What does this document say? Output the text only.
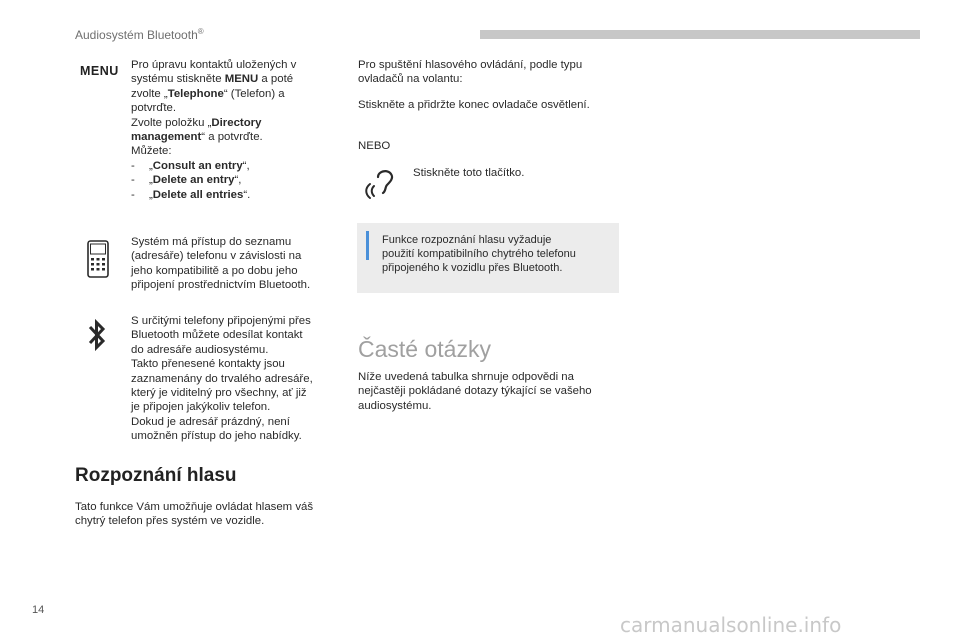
Audiosystém Bluetooth®
MENU Pro úpravu kontaktů uložených v
systému stiskněte MENU a poté
zvolte „Telephone“ (Telefon) a
potvrďte.
Zvolte položku „Directory
management“ a potvrďte.
Můžete:
- „Consult an entry“,
- „Delete an entry“,
- „Delete all entries“.
Systém má přístup do seznamu
(adresáře) telefonu v závislosti na
jeho kompatibilitě a po dobu jeho
připojení prostřednictvím Bluetooth.
S určitými telefony připojenými přes
Bluetooth můžete odesílat kontakt
do adresáře audiosystému.
Takto přenesené kontakty jsou
zaznamenány do trvalého adresáře,
který je viditelný pro všechny, ať již
je připojen jakýkoliv telefon.
Dokud je adresář prázdný, není
umožněn přístup do jeho nabídky.
Rozpoznání hlasu
Tato funkce Vám umožňuje ovládat hlasem váš
chytrý telefon přes systém ve vozidle.
Pro spuštění hlasového ovládání, podle typu
ovladačů na volantu:
Stiskněte a přidržte konec ovladače osvětlení.
NEBO
Stiskněte toto tlačítko.
Funkce rozpoznání hlasu vyžaduje
použití kompatibilního chytrého telefonu
připojeného k vozidlu přes Bluetooth.
Časté otázky
Níže uvedená tabulka shrnuje odpovědi na
nejčastěji pokládané dotazy týkající se vašeho
audiosystému.
14
carmanualsonline.info
